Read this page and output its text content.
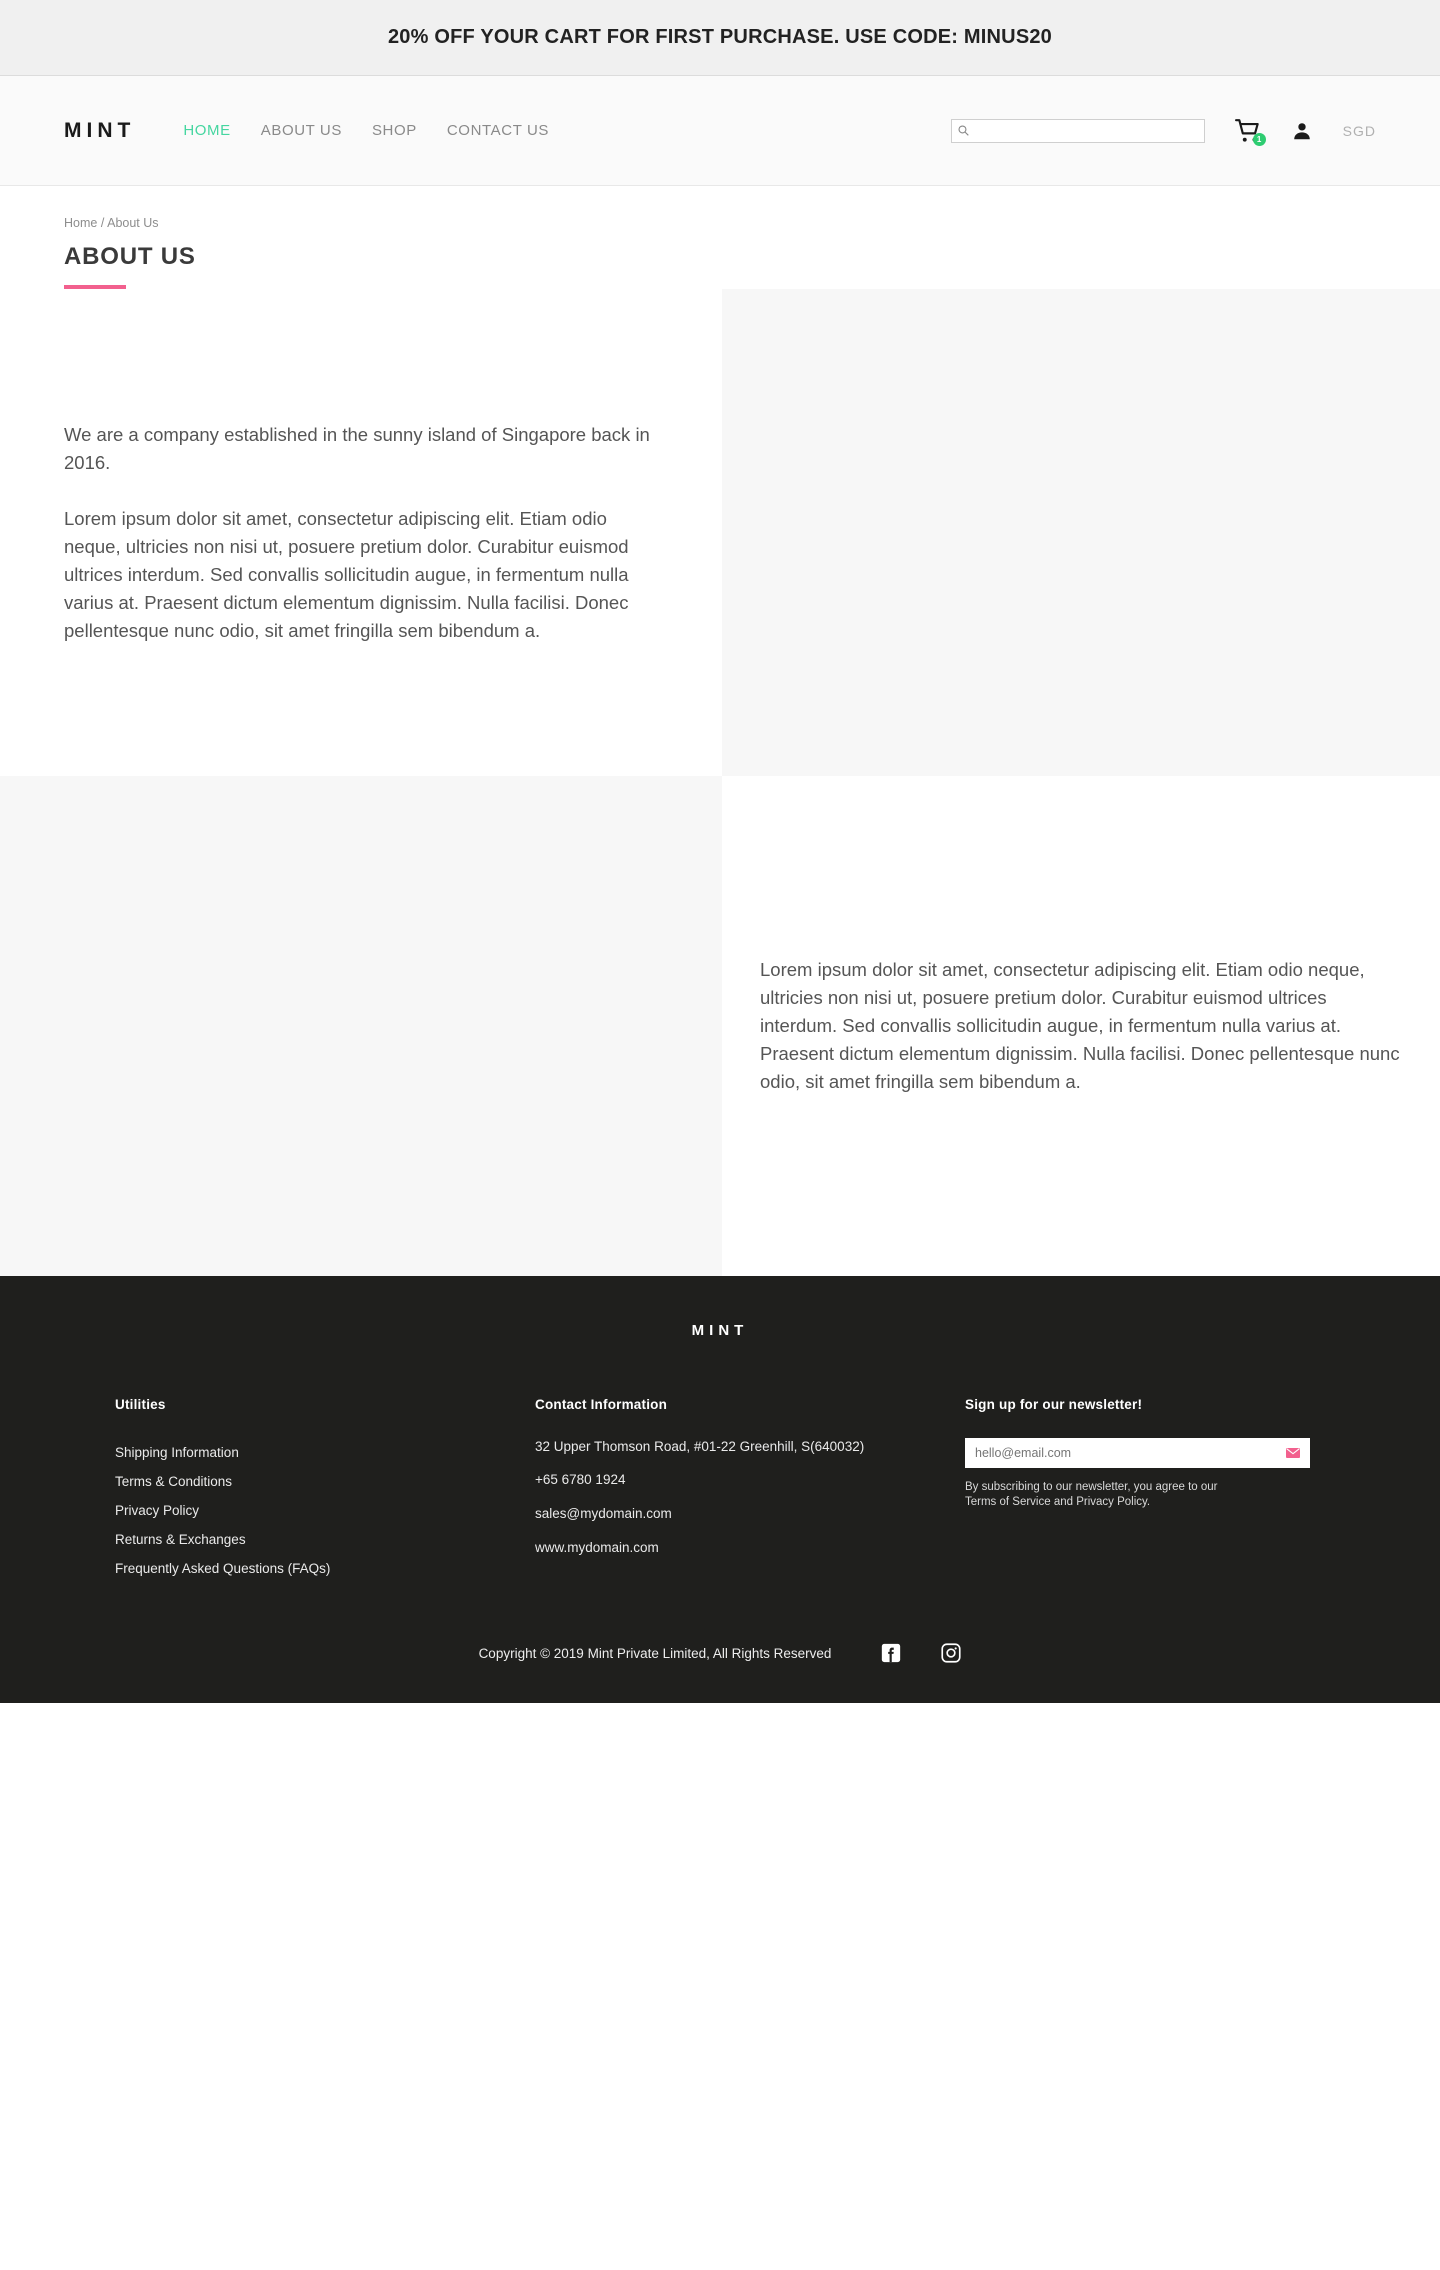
20% OFF YOUR CART FOR FIRST PURCHASE. USE CODE: MINUS20
MINT	HOME ABOUT US SHOP CONTACT US	1
SGD
Home / About Us
ABOUT US

We are a company established in the sunny island of Singapore back in 2016.

Lorem ipsum dolor sit amet, consectetur adipiscing elit. Etiam odio neque, ultricies non nisi ut, posuere pretium dolor. Curabitur euismod ultrices interdum. Sed convallis sollicitudin augue, in fermentum nulla varius at. Praesent dictum elementum dignissim. Nulla facilisi. Donec pellentesque nunc odio, sit amet fringilla sem bibendum a.

Lorem ipsum dolor sit amet, consectetur adipiscing elit. Etiam odio neque, ultricies non nisi ut, posuere pretium dolor. Curabitur euismod ultrices interdum. Sed convallis sollicitudin augue, in fermentum nulla varius at. Praesent dictum elementum dignissim. Nulla facilisi. Donec pellentesque nunc odio, sit amet fringilla sem bibendum a.

MINT
Utilities
Shipping Information
Terms & Conditions
Privacy Policy
Returns & Exchanges
Frequently Asked Questions (FAQs)
Contact Information
32 Upper Thomson Road, #01-22 Greenhill, S(640032)
+65 6780 1924
sales@mydomain.com
www.mydomain.com
Sign up for our newsletter!
hello@email.com
By subscribing to our newsletter, you agree to our Terms of Service and Privacy Policy.
Copyright © 2019 Mint Private Limited, All Rights Reserved
